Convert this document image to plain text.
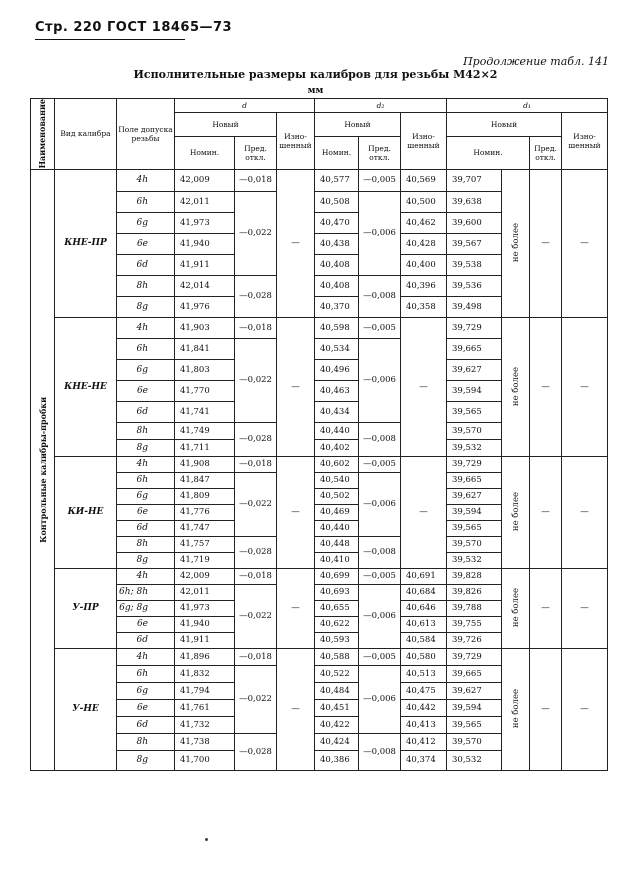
Стр. 220 ГОСТ 18465—73
Продолжение табл. 141
Исполнительные размеры калибров для резьбы М42×2
мм
Наименование	Вид калибра	Поле допуска резьбы	d			d₂			d₁			
			Новый		Изно-шенный	Новый		Изно-шенный	Новый			Изно-шенный
			Номин.	Пред. откл.		Номин.	Пред. откл.		Номин.		Пред. откл.	

Контрольные калибры-пробки	КНЕ-ПР	4h	42,009	—0,018	—	40,577	—0,005	40,569	39,707	не более	—	—
		6h	42,011	—0,022		40,508	—0,006	40,500	39,638			
		6g	41,973			40,470		40,462	39,600			
		6e	41,940			40,438		40,428	39,567			
		6d	41,911			40,408		40,400	39,538			
		8h	42,014	—0,028		40,408	—0,008	40,396	39,536			
		8g	41,976			40,370		40,358	39,498			
	КНЕ-НЕ	4h	41,903	—0,018	—	40,598	—0,005	—	39,729	не более	—	—
		6h	41,841	—0,022		40,534	—0,006		39,665			
		6g	41,803			40,496			39,627			
		6e	41,770			40,463			39,594			
		6d	41,741			40,434			39,565			
		8h	41,749	—0,028		40,440	—0,008		39,570			
		8g	41,711			40,402			39,532			
	КИ-НЕ	4h	41,908	—0,018	—	40,602	—0,005	—	39,729	не более	—	—
		6h	41,847	—0,022		40,540	—0,006		39,665			
		6g	41,809			40,502			39,627			
		6e	41,776			40,469			39,594			
		6d	41,747			40,440			39,565			
		8h	41,757	—0,028		40,448	—0,008		39,570			
		8g	41,719			40,410			39,532			
	У-ПР	4h	42,009	—0,018	—	40,699	—0,005	40,691	39,828	не более	—	—
		6h; 8h	42,011	—0,022		40,693	—0,006	40,684	39,826			
		6g; 8g	41,973			40,655		40,646	39,788			
		6e	41,940			40,622		40,613	39,755			
		6d	41,911			40,593		40,584	39,726			
	У-НЕ	4h	41,896	—0,018	—	40,588	—0,005	40,580	39,729	не более	—	—
		6h	41,832	—0,022		40,522	—0,006	40,513	39,665			
		6g	41,794			40,484		40,475	39,627			
		6e	41,761			40,451		40,442	39,594			
		6d	41,732			40,422		40,413	39,565			
		8h	41,738	—0,028		40,424	—0,008	40,412	39,570			
		8g	41,700			40,386		40,374	30,532			
